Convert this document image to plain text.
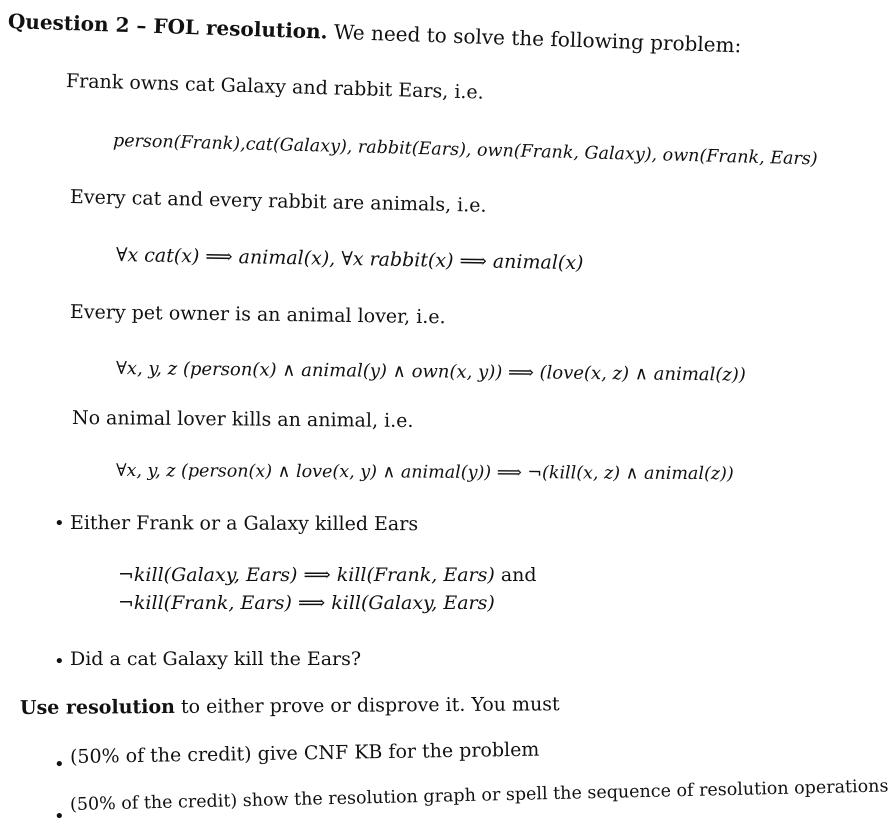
Question 2 – FOL resolution. We need to solve the following problem:
Frank owns cat Galaxy and rabbit Ears, i.e.
person(Frank),cat(Galaxy), rabbit(Ears), own(Frank, Galaxy), own(Frank, Ears)
Every cat and every rabbit are animals, i.e.
∀x cat(x) ⟹ animal(x), ∀x rabbit(x) ⟹ animal(x)
Every pet owner is an animal lover, i.e.
∀x, y, z (person(x) ∧ animal(y) ∧ own(x, y)) ⟹ (love(x, z) ∧ animal(z))
No animal lover kills an animal, i.e.
∀x, y, z (person(x) ∧ love(x, y) ∧ animal(y)) ⟹ ¬(kill(x, z) ∧ animal(z))
• Either Frank or a Galaxy killed Ears
¬kill(Galaxy, Ears) ⟹ kill(Frank, Ears) and
¬kill(Frank, Ears) ⟹ kill(Galaxy, Ears)
• Did a cat Galaxy kill the Ears?
Use resolution to either prove or disprove it. You must
• (50% of the credit) give CNF KB for the problem
•
(50% of the credit) show the resolution graph or spell the sequence of resolution operations
